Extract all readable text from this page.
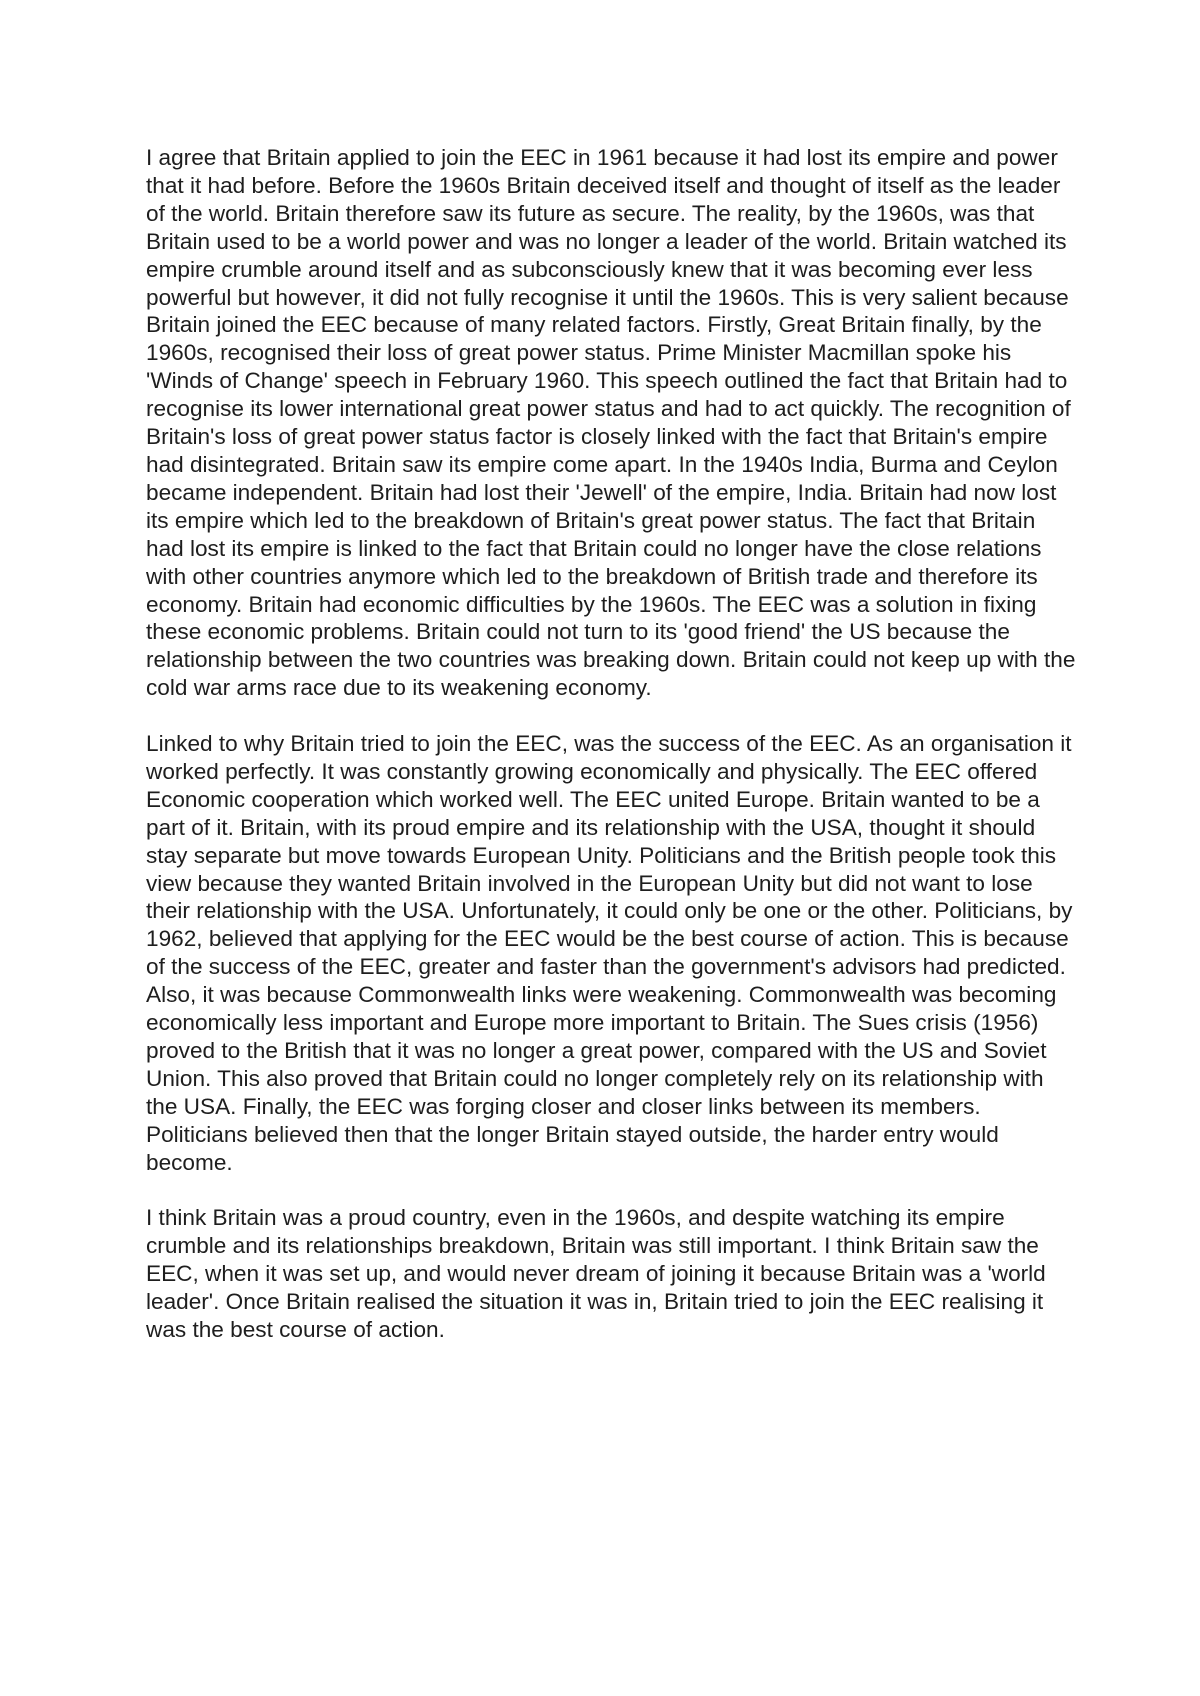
I agree that Britain applied to join the EEC in 1961 because it had lost its empire and power that it had before. Before the 1960s Britain deceived itself and thought of itself as the leader of the world. Britain therefore saw its future as secure. The reality, by the 1960s, was that Britain used to be a world power and was no longer a leader of the world. Britain watched its empire crumble around itself and as subconsciously knew that it was becoming ever less powerful but however, it did not fully recognise it until the 1960s. This is very salient because Britain joined the EEC because of many related factors. Firstly, Great Britain finally, by the 1960s, recognised their loss of great power status. Prime Minister Macmillan spoke his 'Winds of Change' speech in February 1960. This speech outlined the fact that Britain had to recognise its lower international great power status and had to act quickly. The recognition of Britain's loss of great power status factor is closely linked with the fact that Britain's empire had disintegrated. Britain saw its empire come apart. In the 1940s India, Burma and Ceylon became independent. Britain had lost their 'Jewell' of the empire, India. Britain had now lost its empire which led to the breakdown of Britain's great power status. The fact that Britain had lost its empire is linked to the fact that Britain could no longer have the close relations with other countries anymore which led to the breakdown of British trade and therefore its economy. Britain had economic difficulties by the 1960s. The EEC was a solution in fixing these economic problems. Britain could not turn to its 'good friend' the US because the relationship between the two countries was breaking down. Britain could not keep up with the cold war arms race due to its weakening economy.

Linked to why Britain tried to join the EEC, was the success of the EEC. As an organisation it worked perfectly. It was constantly growing economically and physically. The EEC offered Economic cooperation which worked well. The EEC united Europe. Britain wanted to be a part of it. Britain, with its proud empire and its relationship with the USA, thought it should stay separate but move towards European Unity. Politicians and the British people took this view because they wanted Britain involved in the European Unity but did not want to lose their relationship with the USA. Unfortunately, it could only be one or the other. Politicians, by 1962, believed that applying for the EEC would be the best course of action. This is because of the success of the EEC, greater and faster than the government's advisors had predicted. Also, it was because Commonwealth links were weakening. Commonwealth was becoming economically less important and Europe more important to Britain. The Sues crisis (1956) proved to the British that it was no longer a great power, compared with the US and Soviet Union. This also proved that Britain could no longer completely rely on its relationship with the USA. Finally, the EEC was forging closer and closer links between its members. Politicians believed then that the longer Britain stayed outside, the harder entry would become.

I think Britain was a proud country, even in the 1960s, and despite watching its empire crumble and its relationships breakdown, Britain was still important. I think Britain saw the EEC, when it was set up, and would never dream of joining it because Britain was a 'world leader'. Once Britain realised the situation it was in, Britain tried to join the EEC realising it was the best course of action.
